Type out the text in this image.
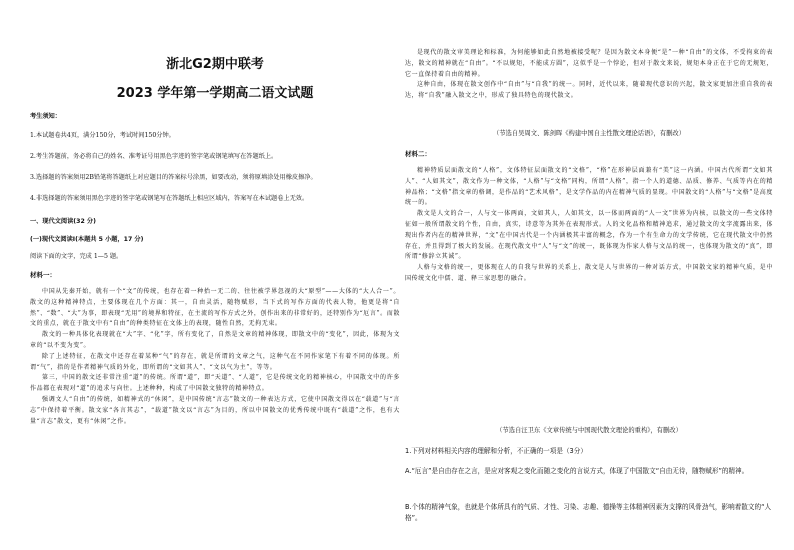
浙北G2期中联考
2023 学年第一学期高二语文试题
考生须知：
1.本试题卷共4页，满分150分，考试时间150分钟。
2.考生答题前，务必将自己的姓名、准考证号用黑色字迹的签字笔或钢笔填写在答题纸上。
3.选择题的答案须用2B铅笔将答题纸上对应题目的答案标号涂黑，如要改动，须将原填涂处用橡皮擦净。
4.非选择题的答案须用黑色字迹的签字笔或钢笔写在答题纸上相应区域内，答案写在本试题卷上无效。
一、现代文阅读(32 分)
(一)现代文阅读Ⅰ(本题共 5 小题，17 分)
阅读下面的文字，完成 1—5 题。
材料一：

中国从先秦开始，就有一个“文”的传统，也存在着一种抬一无二的、往往被学界忽视的大“原型”——大体的“大人合一”。散文的这种精神特点，主要体现在几个方面：其一，自由灵活，随物赋形，当下式的写作方面的代表人物，他更是将“自然”、“数”、“大”为事，即表现“无用”的境界和特征，在主流的写作方式之外，创作出来的非常好的，还特别作为“厄言”。而散文的重点，就在于散文中有“自由”的种类特征在文体上的表现，随性自然，无拘无束。

散文的一种具体化表现就在“大”字、“化”字，所有变化了，自然是文章的精神体现，即散文中的“变化”，因此，体现为文章的“以不变为变”。

除了上述特征，在散文中还存在着某种“气”的存在，就是所谓的文章之气，这种气在不同作家笔下有着不同的体现。所谓“气”，指的是作者精神气质的外化，即所谓的“文如其人”、“文以气为主”，等等。

第三，中国的散文还非常注重“道”的传统。所谓“道”，即“天道”、“人道”，它是传统文化的精神核心，中国散文中的许多作品都在表现对“道”的追求与向往。上述种种，构成了中国散文独特的精神特点。

强调文人“自由”的传统，如精神式的“休闲”，是中国传统“言志”散文的一种表达方式，它使中国散文得以在“载道”与“言志”中保持着平衡。散文家“各言其志”，“载道”散文以“言志”为目的，所以中国散文的优秀传统中既有“载道”之作，也有大量“言志”散文，更有“休闲”之作。

是现代的散文审美理论和标准，为何能够如此自然地被接受呢？是因为散文本身便“是”一种“自由”的文体，不受拘束的表达，散文的精神就在“自由”。“不以规矩，不能成方圆”，这似乎是一个悖论，但对于散文来说，规矩本身正在于它的无规矩，它一直保持着自由的精神。

这种自由，体现在散文创作中“自由”与“自我”的统一。同时，近代以来，随着现代意识的兴起，散文家更加注重自我的表达，将“自我”融入散文之中，形成了独具特色的现代散文。

（节选自吴周文、陈剑晖《构建中国自主性散文理论话语》，有删改）
材料二：

精神特质层面散文的“人格”，文体特征层面散文的“文格”，“格”在形神层面兼有“美”这一内涵。中国古代所谓“文如其人”、“人如其文”，散文作为一种文体，“人格”与“文格”同构，所谓“人格”，指一个人的道德、品质、修养、气质等内在的精神品格；“文格”指文章的格调，是作品的“艺术风格”，是文学作品的内在精神气质的显现。中国散文的“人格”与“文格”是高度统一的。

散文是人文的合一，人与文一体两面，文如其人，人如其文，以一体而两面的“人一文”世界为内核，以散文的一些文体特征如一般所谓散文的个性，自由，真实，诗意等为其外在表现形式。人的文化品格和精神追求，通过散文的文字流露出来，体现出作者内在的精神世界，“文”在中国古代是一个内涵极其丰富的概念，作为一个有生命力的文学传统，它在现代散文中仍然存在，并且得到了极大的发展。在现代散文中“人”与“文”的统一，既体现为作家人格与文品的统一，也体现为散文的“真”，即所谓“修辞立其诚”。

人格与文格的统一，更体现在人的自我与世界的关系上，散文是人与世界的一种对话方式，中国散文家的精神气质，是中国传统文化中儒、道、释三家思想的融合。

（节选自汪卫东《文章传统与中国现代散文理论的重构》，有删改）
1.下列对材料相关内容的理解和分析，不正确的一项是（3分）
A.“厄言”是自由存在之言，是应对客观之变化而随之变化的言说方式，体现了中国散文“自由无待，随物赋形”的精神。
B.个体的精神气象，也就是个体所具有的气质、才性、习染、志趣、德操等主体精神因素为支撑的风骨劲气，影响着散文的“人格”。
